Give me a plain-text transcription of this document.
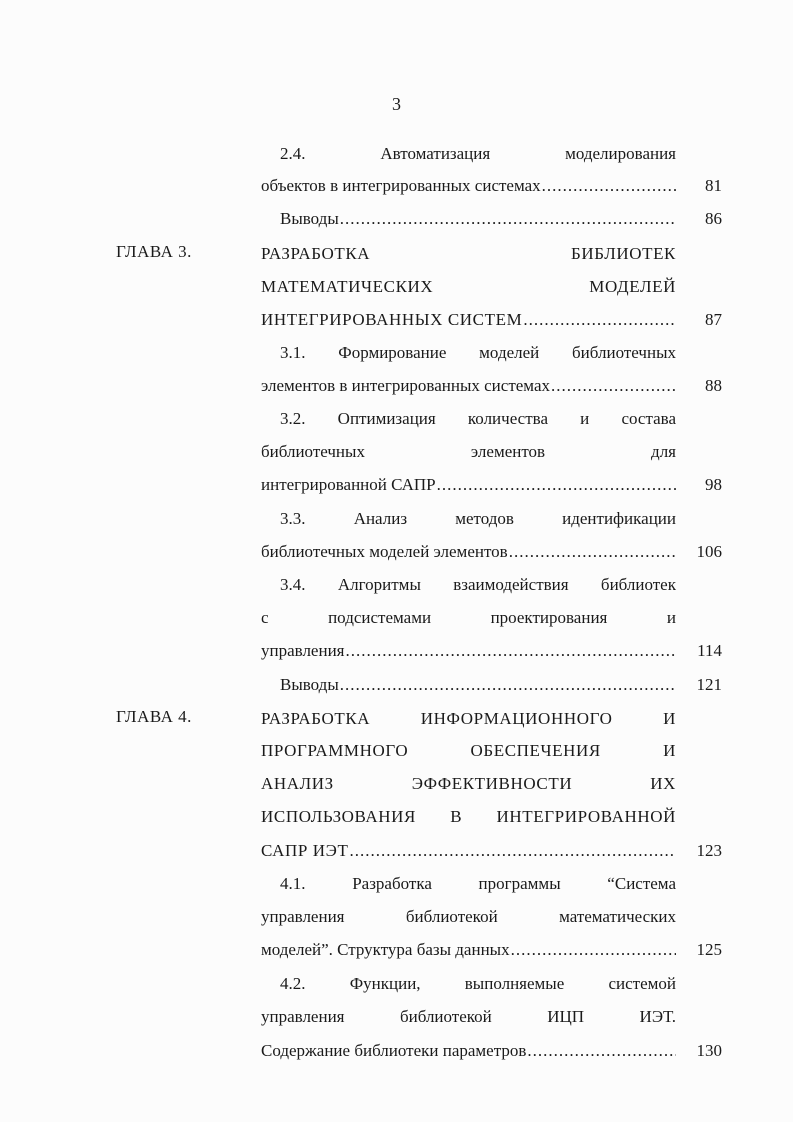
3
2.4. Автоматизация моделирования
объектов в интегрированных системах .....	81
Выводы .....	86
ГЛАВА 3.	РАЗРАБОТКА БИБЛИОТЕК
МАТЕМАТИЧЕСКИХ МОДЕЛЕЙ
ИНТЕГРИРОВАННЫХ СИСТЕМ .....	87
3.1. Формирование моделей библиотечных
элементов в интегрированных системах .....	88
3.2. Оптимизация количества и состава
библиотечных элементов для
интегрированной САПР .....	98
3.3. Анализ методов идентификации
библиотечных моделей элементов .....	106
3.4. Алгоритмы взаимодействия библиотек
с подсистемами проектирования и
управления .....	114
Выводы .....	121
ГЛАВА 4.	РАЗРАБОТКА ИНФОРМАЦИОННОГО И
ПРОГРАММНОГО ОБЕСПЕЧЕНИЯ И
АНАЛИЗ ЭФФЕКТИВНОСТИ ИХ
ИСПОЛЬЗОВАНИЯ В ИНТЕГРИРОВАННОЙ
САПР ИЭТ .....	123
4.1. Разработка программы “Система
управления библиотекой математических
моделей”. Структура базы данных .....	125
4.2. Функции, выполняемые системой
управления библиотекой ИЦП ИЭТ.
Содержание библиотеки параметров .....	130
